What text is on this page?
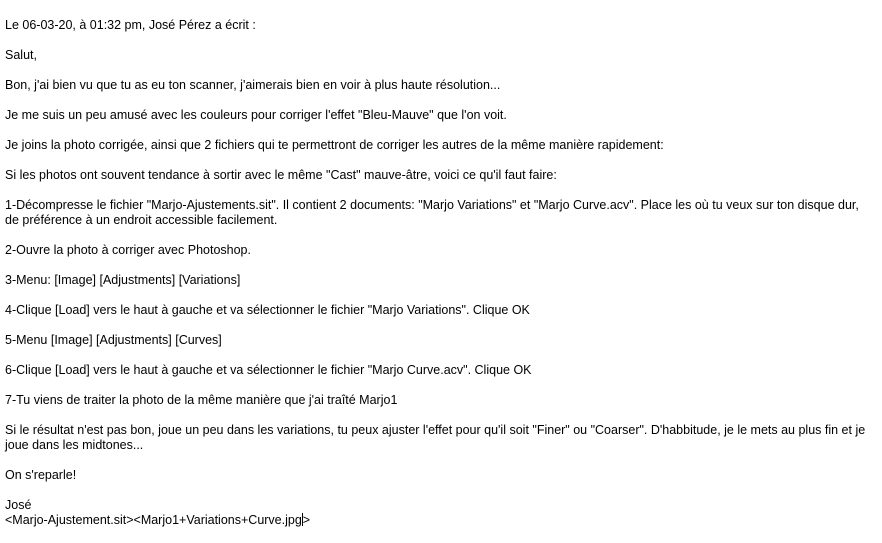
Le 06-03-20, à 01:32 pm, José Pérez a écrit :

Salut,

Bon, j'ai bien vu que tu as eu ton scanner, j'aimerais bien en voir à plus haute résolution...

Je me suis un peu amusé avec les couleurs pour corriger l'effet "Bleu-Mauve" que l'on voit.

Je joins la photo corrigée, ainsi que 2 fichiers qui te permettront de corriger les autres de la même manière rapidement:

Si les photos ont souvent tendance à sortir avec le même "Cast" mauve-âtre, voici ce qu'il faut faire:

1-Décompresse le fichier "Marjo-Ajustements.sit". Il contient 2 documents: "Marjo Variations" et "Marjo Curve.acv". Place les où tu veux sur ton disque dur, de préférence à un endroit accessible facilement.

2-Ouvre la photo à corriger avec Photoshop.

3-Menu: [Image] [Adjustments] [Variations]

4-Clique [Load] vers le haut à gauche et va sélectionner le fichier "Marjo Variations". Clique OK

5-Menu [Image] [Adjustments] [Curves]

6-Clique [Load] vers le haut à gauche et va sélectionner le fichier "Marjo Curve.acv". Clique OK

7-Tu viens de traiter la photo de la même manière que j'ai traîté Marjo1

Si le résultat n'est pas bon, joue un peu dans les variations, tu peux ajuster l'effet pour qu'il soit "Finer" ou "Coarser". D'habbitude, je le mets au plus fin et je joue dans les midtones...

On s'reparle!

José

<Marjo-Ajustement.sit><Marjo1+Variations+Curve.jpg>
